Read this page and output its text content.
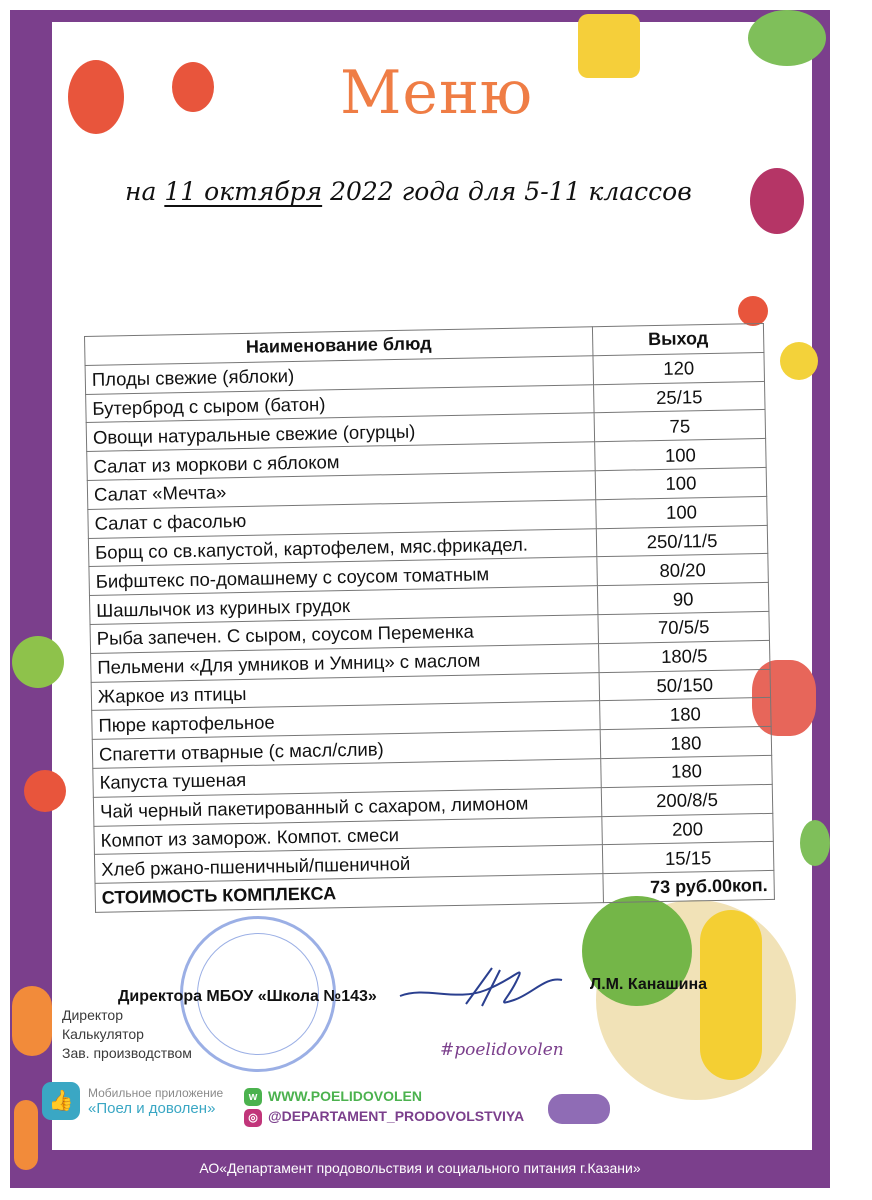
АО«Департамент продовольствия и социального питания г.Казани»
Меню
на 11 октября 2022 года для 5-11 классов
Наименование блюд	Выход
Плоды свежие (яблоки)	120
Бутерброд с сыром (батон)	25/15
Овощи натуральные свежие (огурцы)	75
Салат из моркови с яблоком	100
Салат «Мечта»	100
Салат с фасолью	100
Борщ со св.капустой, картофелем, мяс.фрикадел.	250/11/5
Бифштекс по-домашнему с соусом томатным	80/20
Шашлычок из куриных грудок	90
Рыба запечен. С сыром, соусом Переменка	70/5/5
Пельмени «Для умников и Умниц» с маслом	180/5
Жаркое из птицы	50/150
Пюре картофельное	180
Спагетти отварные (с масл/слив)	180
Капуста тушеная	180
Чай черный пакетированный с сахаром, лимоном	200/8/5
Компот из заморож. Компот. смеси	200
Хлеб ржано-пшеничный/пшеничной	15/15
СТОИМОСТЬ КОМПЛЕКСА	73 руб.00коп.
Директора МБОУ «Школа №143»
Л.М. Канашина
Директор
Калькулятор
Зав. производством	#poelidovolen
👍	Мобильное приложение
«Поел и доволен»
w WWW.POELIDOVOLEN
◎ @DEPARTAMENT_PRODOVOLSTVIYA
